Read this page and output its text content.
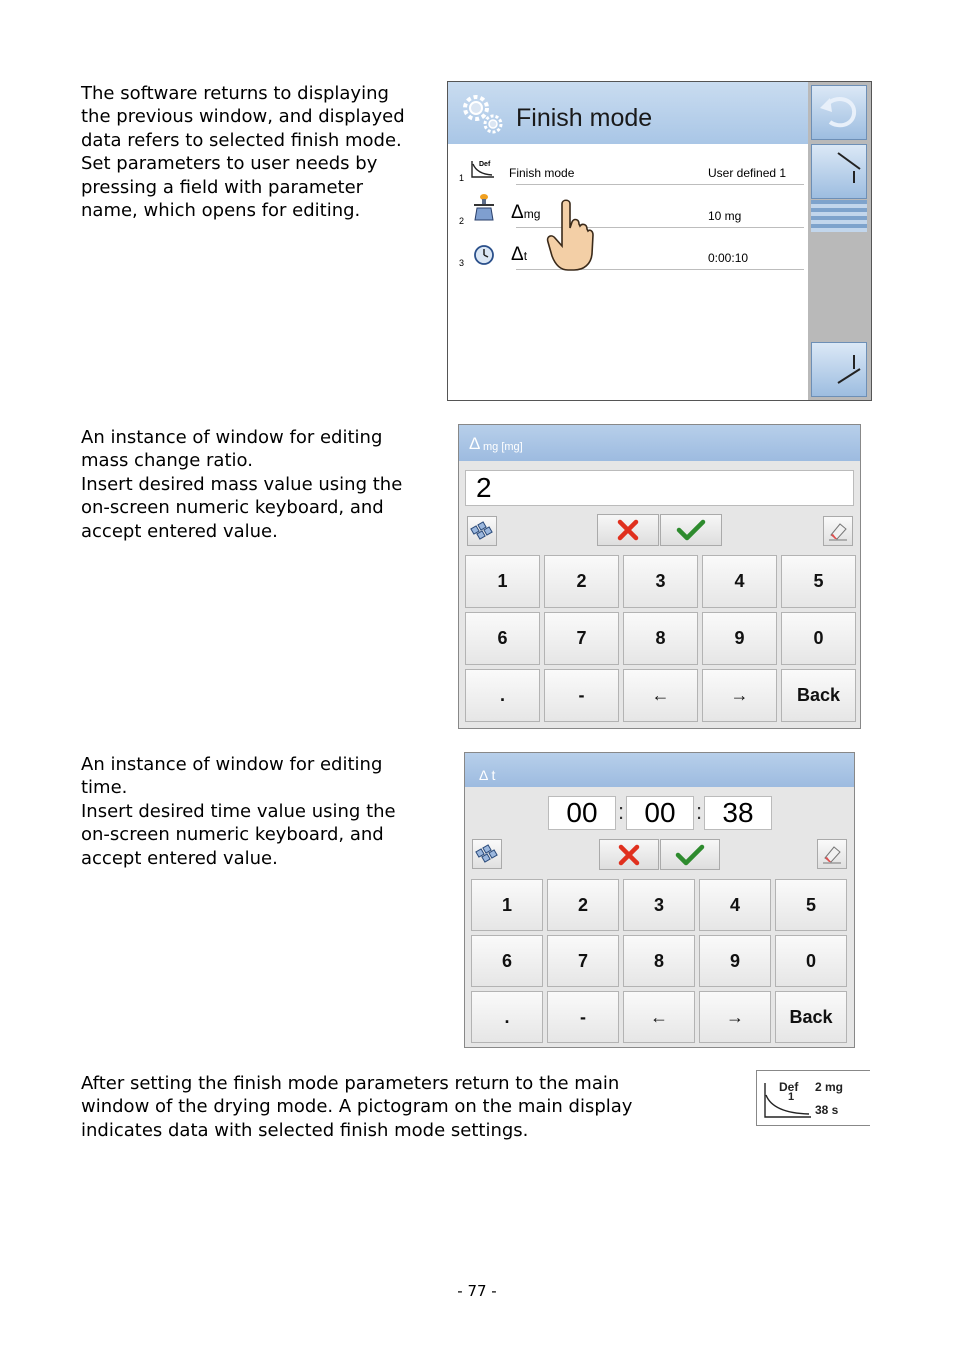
The software returns to displaying
the previous window, and displayed
data refers to selected finish mode.
Set parameters to user needs by
pressing a field with parameter
name, which opens for editing.
Finish mode
1
Def
Finish mode	User defined 1
2 Δmg	10 mg
3 Δt	0:00:10
An instance of window for editing
mass change ratio.
Insert desired mass value using the
on-screen numeric keyboard, and
accept entered value.
Δ mg [mg]
2
1	2	3	4	5
6	7	8	9	0
.	-	←	→	Back
An instance of window for editing
time.
Insert desired time value using the
on-screen numeric keyboard, and
accept entered value.
Δ t
00 : 00 : 38
1	2	3	4	5
6	7	8	9	0
.	-	←	→	Back
After setting the finish mode parameters return to the main
window of the drying mode. A pictogram on the main display
indicates data with selected finish mode settings.
Def
1
2 mg
38 s
- 77 -
